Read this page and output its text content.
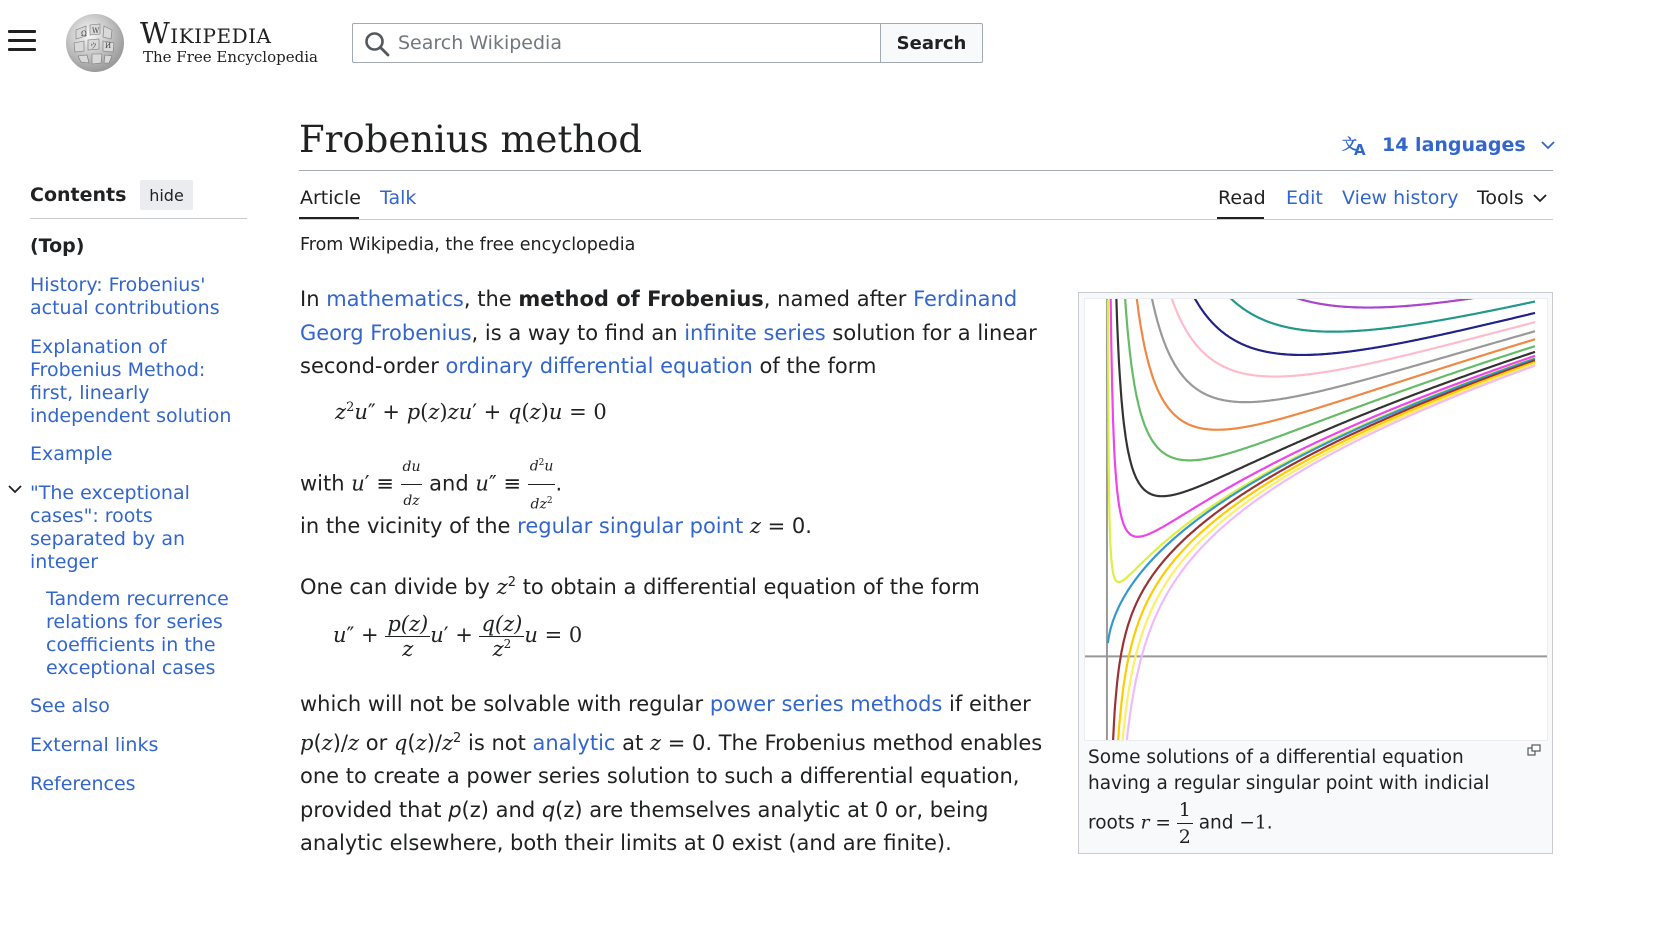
Ω W
И
ウ Wikipedia
The Free Encyclopedia
Search Wikipedia
Search
Contents	hide
(Top)
History: Frobenius' actual contributions
Explanation of Frobenius Method: first, linearly independent solution
Example
"The exceptional cases": roots separated by an integer
Tandem recurrence relations for series coefficients in the exceptional cases
See also
External links
References
Frobenius method	文
A 14 languages
Article Talk	Read Edit View history Tools
From Wikipedia, the free encyclopedia
In mathematics, the method of Frobenius, named after Ferdinand Georg Frobenius, is a way to find an infinite series solution for a linear second-order ordinary differential equation of the form
$z^2u'' + p(z)zu' + q(z)u = 0$
with $u' \equiv \frac{du}{dz}$ and $u'' \equiv \frac{d^2u}{dz^2}$ .
in the vicinity of the regular singular point z = 0.
One can divide by $z^2$ to obtain a differential equation of the form
$u'' + \frac{p(z)}{z} u' + \frac{q(z)}{z^2}$ u = 0
which will not be solvable with regular power series methods if either p(z)/z or $q(z)/z^2$ is not analytic at z = 0. The Frobenius method enables one to create a power series solution to such a differential equation, provided that p(z) and q(z) are themselves analytic at 0 or, being analytic elsewhere, both their limits at 0 exist (and are finite).
Some solutions of a differential equation having a regular singular point with indicial roots $r = \frac{1}{2}$ and −1.
